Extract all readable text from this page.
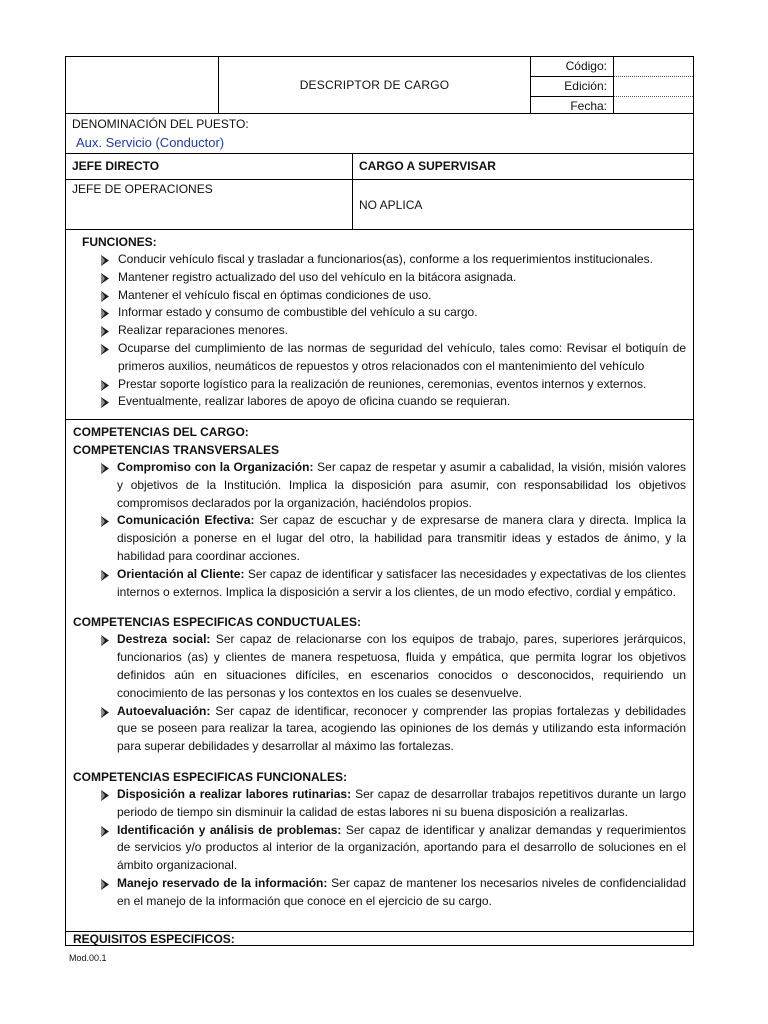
DESCRIPTOR DE CARGO
Código:
Edición:
Fecha:
DENOMINACIÓN DEL PUESTO:
Aux. Servicio (Conductor)
JEFE DIRECTO	CARGO A SUPERVISAR
JEFE DE OPERACIONES
NO APLICA
FUNCIONES:
Conducir vehículo fiscal y trasladar a funcionarios(as), conforme a los requerimientos institucionales.
Mantener registro actualizado del uso del vehículo en la bitácora asignada.
Mantener el vehículo fiscal en óptimas condiciones de uso.
Informar estado y consumo de combustible del vehículo a su cargo.
Realizar reparaciones menores.
Ocuparse del cumplimiento de las normas de seguridad del vehículo, tales como: Revisar el botiquín de primeros auxilios, neumáticos de repuestos y otros relacionados con el mantenimiento del vehículo
Prestar soporte logístico para la realización de reuniones, ceremonias, eventos internos y externos.
Eventualmente, realizar labores de apoyo de oficina cuando se requieran.
COMPETENCIAS DEL CARGO:
COMPETENCIAS TRANSVERSALES
Compromiso con la Organización: Ser capaz de respetar y asumir a cabalidad, la visión, misión valores y objetivos de la Institución. Implica la disposición para asumir, con responsabilidad los objetivos compromisos declarados por la organización, haciéndolos propios.
Comunicación Efectiva: Ser capaz de escuchar y de expresarse de manera clara y directa. Implica la disposición a ponerse en el lugar del otro, la habilidad para transmitir ideas y estados de ánimo, y la habilidad para coordinar acciones.
Orientación al Cliente: Ser capaz de identificar y satisfacer las necesidades y expectativas de los clientes internos o externos. Implica la disposición a servir a los clientes, de un modo efectivo, cordial y empático.
COMPETENCIAS ESPECIFICAS CONDUCTUALES:
Destreza social: Ser capaz de relacionarse con los equipos de trabajo, pares, superiores jerárquicos, funcionarios (as) y clientes de manera respetuosa, fluida y empática, que permita lograr los objetivos definidos aún en situaciones difíciles, en escenarios conocidos o desconocidos, requiriendo un conocimiento de las personas y los contextos en los cuales se desenvuelve.
Autoevaluación: Ser capaz de identificar, reconocer y comprender las propias fortalezas y debilidades que se poseen para realizar la tarea, acogiendo las opiniones de los demás y utilizando esta información para superar debilidades y desarrollar al máximo las fortalezas.
COMPETENCIAS ESPECIFICAS FUNCIONALES:
Disposición a realizar labores rutinarias: Ser capaz de desarrollar trabajos repetitivos durante un largo periodo de tiempo sin disminuir la calidad de estas labores ni su buena disposición a realizarlas.
Identificación y análisis de problemas: Ser capaz de identificar y analizar demandas y requerimientos de servicios y/o productos al interior de la organización, aportando para el desarrollo de soluciones en el ámbito organizacional.
Manejo reservado de la información: Ser capaz de mantener los necesarios niveles de confidencialidad en el manejo de la información que conoce en el ejercicio de su cargo.
REQUISITOS ESPECIFICOS:
Mod.00.1
